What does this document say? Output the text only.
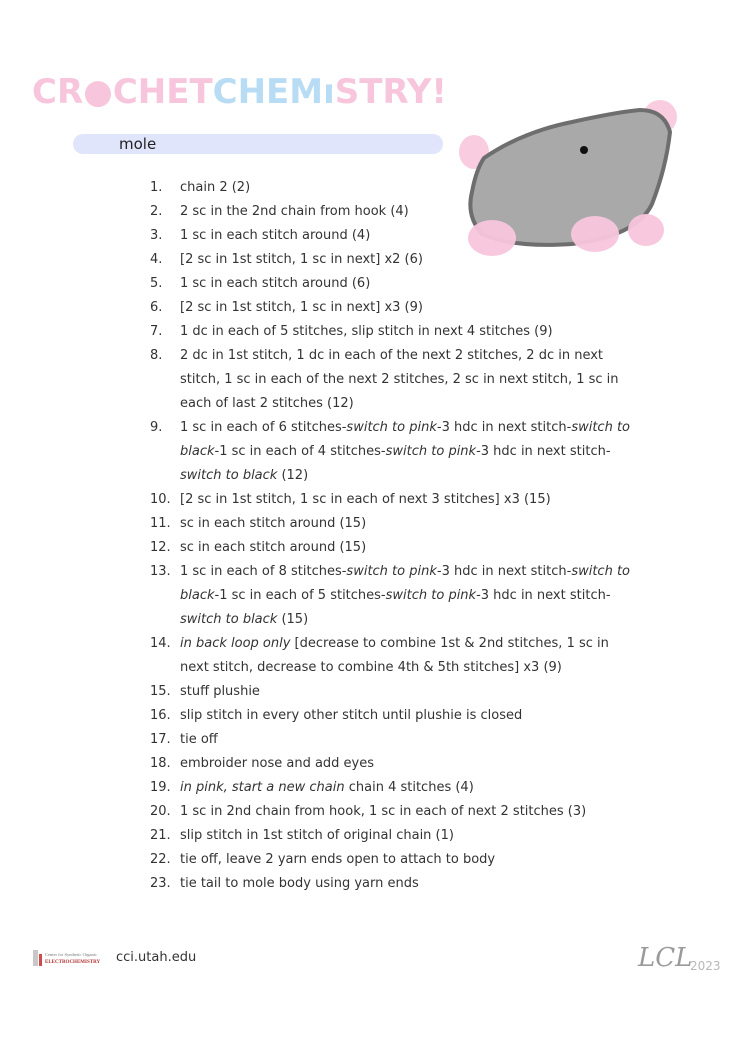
CR●CHETCHEMıSTRY!
mole
1.	chain 2 (2)
2.	2 sc in the 2nd chain from hook (4)
3.	1 sc in each stitch around (4)
4.	[2 sc in 1st stitch, 1 sc in next] x2 (6)
5.	1 sc in each stitch around (6)
6.	[2 sc in 1st stitch, 1 sc in next] x3 (9)
7.	1 dc in each of 5 stitches, slip stitch in next 4 stitches (9)
8.	2 dc in 1st stitch, 1 dc in each of the next 2 stitches, 2 dc in next stitch, 1 sc in each of the next 2 stitches, 2 sc in next stitch, 1 sc in each of last 2 stitches (12)
9.	1 sc in each of 6 stitches-switch to pink-3 hdc in next stitch-switch to black-1 sc in each of 4 stitches-switch to pink-3 hdc in next stitch-switch to black (12)
10. [2 sc in 1st stitch, 1 sc in each of next 3 stitches] x3 (15)
11. sc in each stitch around (15)
12. sc in each stitch around (15)
13. 1 sc in each of 8 stitches-switch to pink-3 hdc in next stitch-switch to black-1 sc in each of 5 stitches-switch to pink-3 hdc in next stitch-switch to black (15)
14. in back loop only [decrease to combine 1st & 2nd stitches, 1 sc in next stitch, decrease to combine 4th & 5th stitches] x3 (9)
15. stuff plushie
16. slip stitch in every other stitch until plushie is closed
17. tie off
18. embroider nose and add eyes
19. in pink, start a new chain chain 4 stitches (4)
20. 1 sc in 2nd chain from hook, 1 sc in each of next 2 stitches (3)
21. slip stitch in 1st stitch of original chain (1)
22. tie off, leave 2 yarn ends open to attach to body
23. tie tail to mole body using yarn ends
Center for Synthetic Organic
ELECTROCHEMISTRY cci.utah.edu	LCL
2023
